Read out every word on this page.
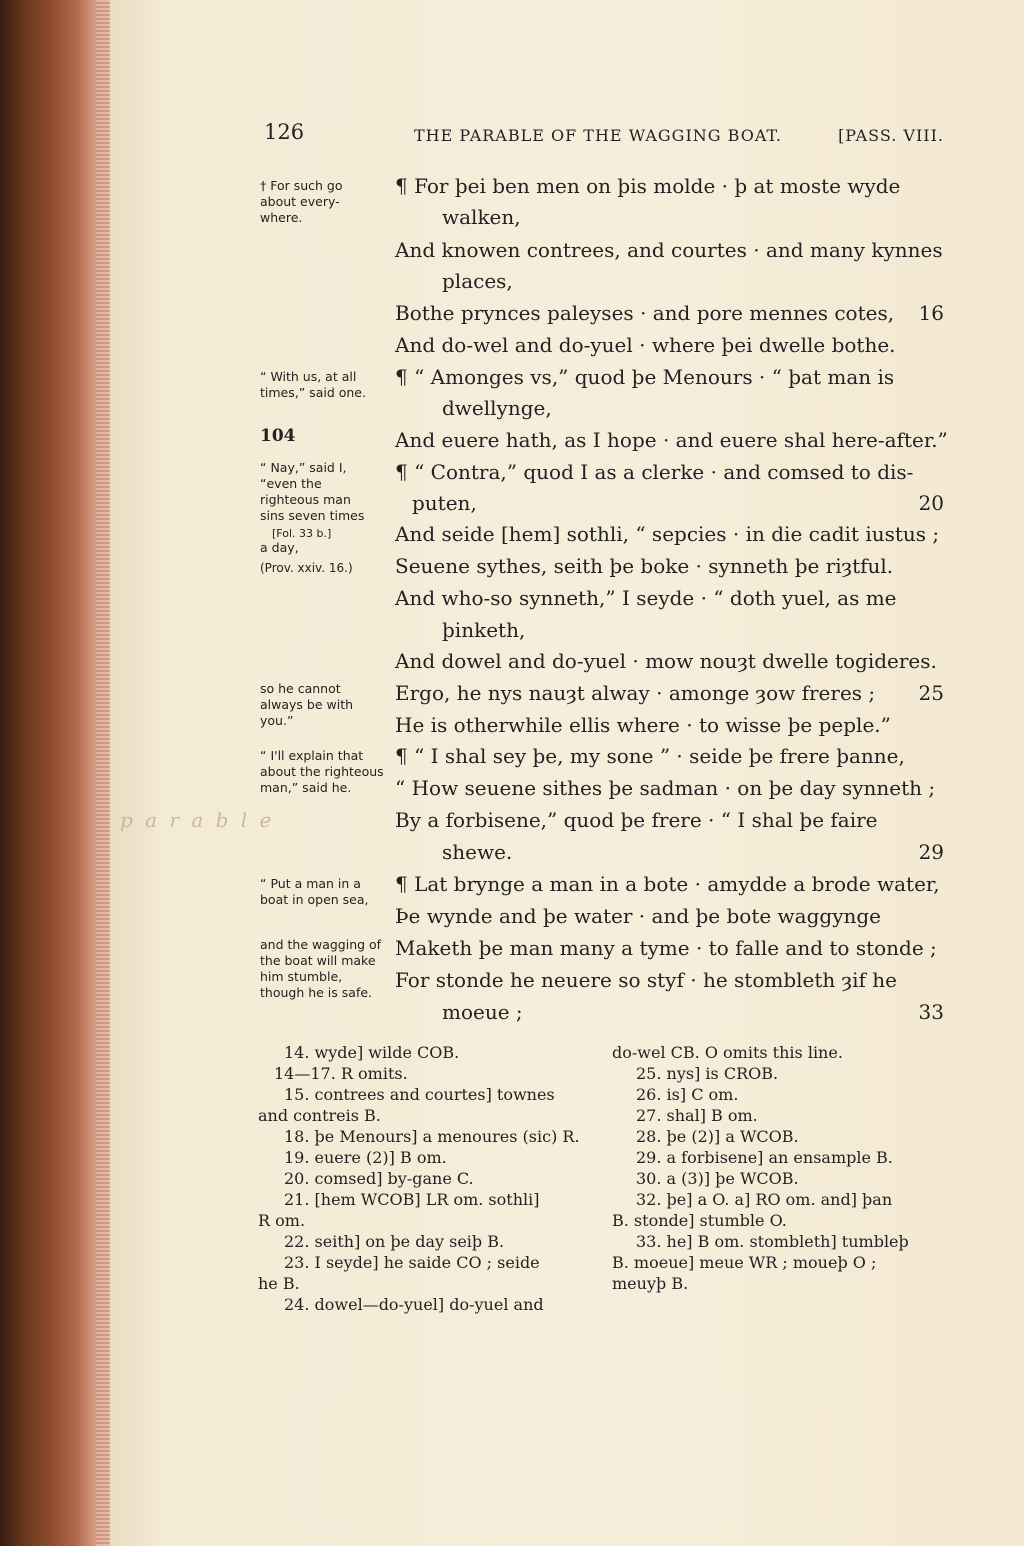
126	THE PARABLE OF THE WAGGING BOAT.	[PASS. VIII.
† For such go about every-where.
“ With us, at all times,” said one.
104
“ Nay,” said I, “even the righteous man sins seven times
[Fol. 33 b.]
a day,
(Prov. xxiv. 16.)
so he cannot always be with you.”
“ I'll explain that about the righteous man,” said he.
“ Put a man in a boat in open sea,
and the wagging of the boat will make him stumble, though he is safe.
p a r a b l e
¶ For þei ben men on þis molde · þ at moste wyde
walken,
And knowen contrees, and courtes · and many kynnes
places,
Bothe prynces paleyses · and pore mennes cotes,
And do-wel and do-yuel · where þei dwelle bothe.
¶ “ Amonges vs,” quod þe Menours · “ þat man is
dwellynge,
And euere hath, as I hope · and euere shal here-after.”
¶ “ Contra,” quod I as a clerke · and comsed to dis-
puten,
And seide [hem] sothli, “ sepcies · in die cadit iustus ;
Seuene sythes, seith þe boke · synneth þe riȝtful.
And who-so synneth,” I seyde · “ doth yuel, as me
þinketh,
And dowel and do-yuel · mow nouȝt dwelle togideres.
Ergo, he nys nauȝt alway · amonge ȝow freres ;
He is otherwhile ellis where · to wisse þe peple.”
¶ “ I shal sey þe, my sone ” · seide þe frere þanne,
“ How seuene sithes þe sadman · on þe day synneth ;
By a forbisene,” quod þe frere · “ I shal þe faire
shewe.
¶ Lat brynge a man in a bote · amydde a brode water,
Þe wynde and þe water · and þe bote waggynge
Maketh þe man many a tyme · to falle and to stonde ;
For stonde he neuere so styf · he stombleth ȝif he
moeue ;
16
20
25
29
33
14. wyde] wilde COB.
14—17. R omits.
15. contrees and courtes] townes
and contreis B.
18. þe Menours] a menoures (sic) R.
19. euere (2)] B om.
20. comsed] by-gane C.
21. [hem WCOB] LR om. sothli]
R om.
22. seith] on þe day seiþ B.
23. I seyde] he saide CO ; seide
he B.
24. dowel—do-yuel] do-yuel and
do-wel CB. O omits this line.
25. nys] is CROB.
26. is] C om.
27. shal] B om.
28. þe (2)] a WCOB.
29. a forbisene] an ensample B.
30. a (3)] þe WCOB.
32. þe] a O. a] RO om. and] þan
B. stonde] stumble O.
33. he] B om. stombleth] tumbleþ
B. moeue] meue WR ; moueþ O ;
meuyþ B.
